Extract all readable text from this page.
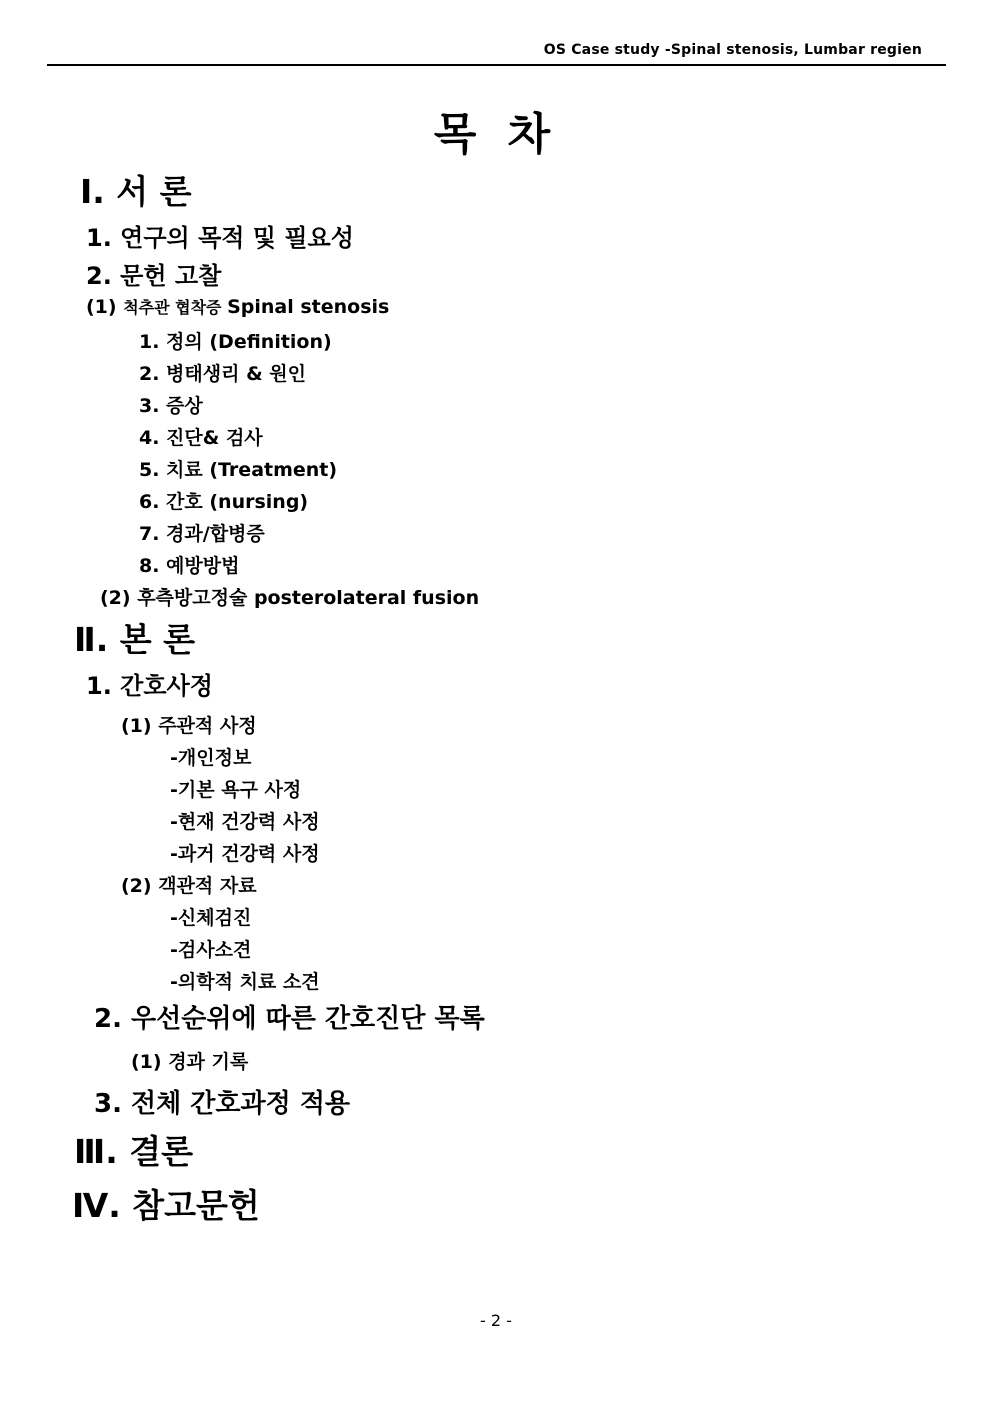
OS Case study -Spinal stenosis, Lumbar regien
목 차
Ⅰ. 서 론
1. 연구의 목적 및 필요성
2. 문헌 고찰
(1) 척추관 협착증 Spinal stenosis
1. 정의 (Definition)
2. 병태생리 & 원인
3. 증상
4. 진단& 검사
5. 치료 (Treatment)
6. 간호 (nursing)
7. 경과/합병증
8. 예방방법
(2) 후측방고정술 posterolateral fusion
Ⅱ. 본 론
1. 간호사정
(1) 주관적 사정
-개인정보
-기본 욕구 사정
-현재 건강력 사정
-과거 건강력 사정
(2) 객관적 자료
-신체검진
-검사소견
-의학적 치료 소견
2. 우선순위에 따른 간호진단 목록
(1) 경과 기록
3. 전체 간호과정 적용
Ⅲ. 결론
Ⅳ. 참고문헌
- 2 -
